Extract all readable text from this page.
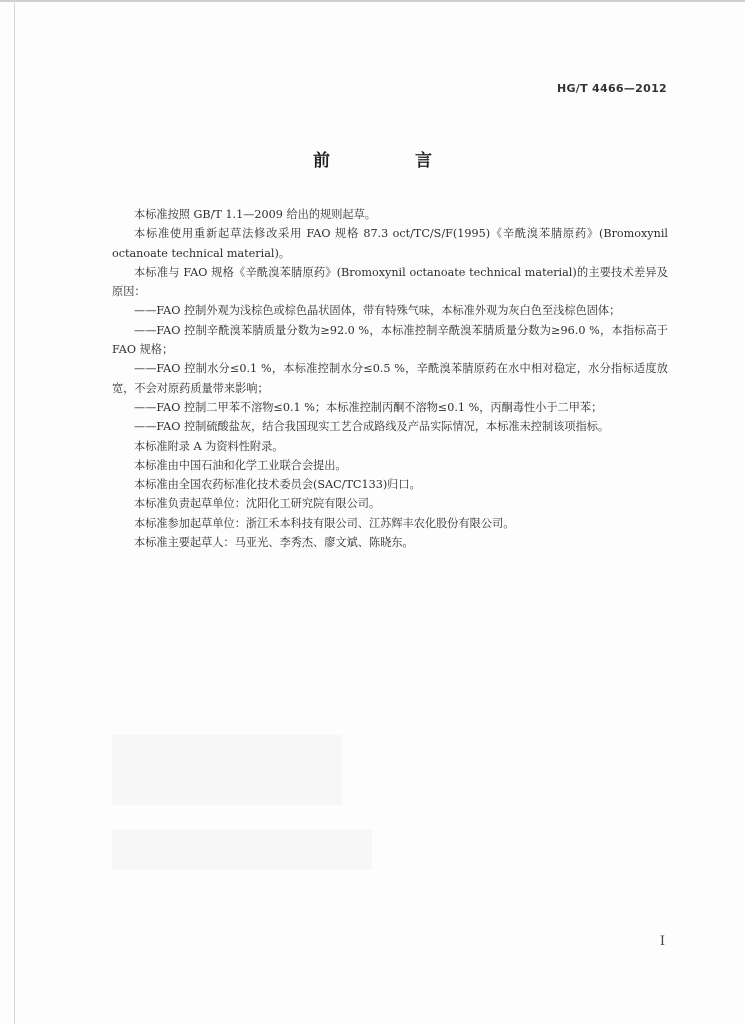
HG/T 4466—2012
前　言

本标准按照 GB/T 1.1—2009 给出的规则起草。

本标准使用重新起草法修改采用 FAO 规格 87.3 oct/TC/S/F(1995)《辛酰溴苯腈原药》(Bromoxynil octanoate technical material)。

本标准与 FAO 规格《辛酰溴苯腈原药》(Bromoxynil octanoate technical material)的主要技术差异及原因：

——FAO 控制外观为浅棕色或棕色晶状固体，带有特殊气味，本标准外观为灰白色至浅棕色固体；

——FAO 控制辛酰溴苯腈质量分数为≥92.0 %，本标准控制辛酰溴苯腈质量分数为≥96.0 %，本指标高于 FAO 规格；

——FAO 控制水分≤0.1 %，本标准控制水分≤0.5 %，辛酰溴苯腈原药在水中相对稳定，水分指标适度放宽，不会对原药质量带来影响；

——FAO 控制二甲苯不溶物≤0.1 %；本标准控制丙酮不溶物≤0.1 %，丙酮毒性小于二甲苯；

——FAO 控制硫酸盐灰，结合我国现实工艺合成路线及产品实际情况，本标准未控制该项指标。

本标准附录 A 为资料性附录。

本标准由中国石油和化学工业联合会提出。

本标准由全国农药标准化技术委员会(SAC/TC133)归口。

本标准负责起草单位：沈阳化工研究院有限公司。

本标准参加起草单位：浙江禾本科技有限公司、江苏辉丰农化股份有限公司。

本标准主要起草人：马亚光、李秀杰、廖文斌、陈晓东。

I
